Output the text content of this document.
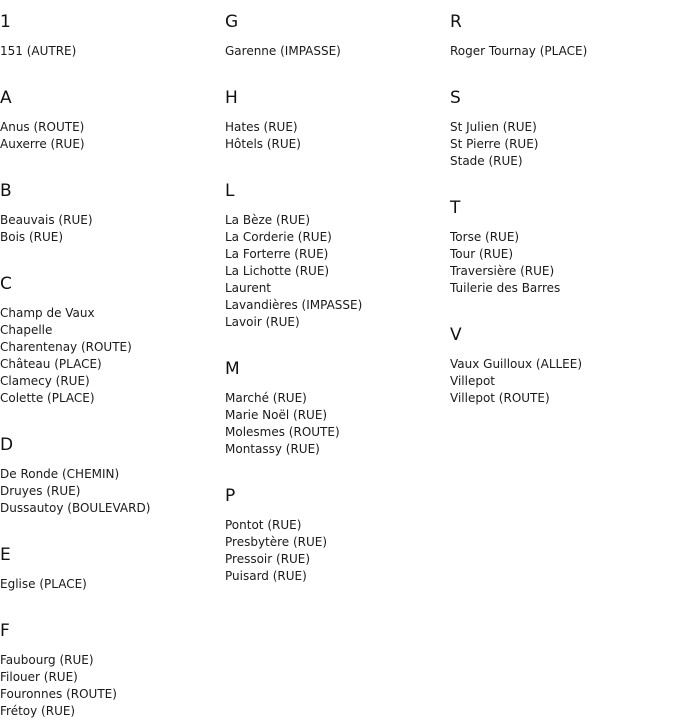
1
151 (AUTRE)
A
Anus (ROUTE)
Auxerre (RUE)
B
Beauvais (RUE)
Bois (RUE)
C
Champ de Vaux
Chapelle
Charentenay (ROUTE)
Château (PLACE)
Clamecy (RUE)
Colette (PLACE)
D
De Ronde (CHEMIN)
Druyes (RUE)
Dussautoy (BOULEVARD)
E
Eglise (PLACE)
F
Faubourg (RUE)
Filouer (RUE)
Fouronnes (ROUTE)
Frétoy (RUE)
G
Garenne (IMPASSE)
H
Hates (RUE)
Hôtels (RUE)
L
La Bèze (RUE)
La Corderie (RUE)
La Forterre (RUE)
La Lichotte (RUE)
Laurent
Lavandières (IMPASSE)
Lavoir (RUE)
M
Marché (RUE)
Marie Noël (RUE)
Molesmes (ROUTE)
Montassy (RUE)
P
Pontot (RUE)
Presbytère (RUE)
Pressoir (RUE)
Puisard (RUE)
R
Roger Tournay (PLACE)
S
St Julien (RUE)
St Pierre (RUE)
Stade (RUE)
T
Torse (RUE)
Tour (RUE)
Traversière (RUE)
Tuilerie des Barres
V
Vaux Guilloux (ALLEE)
Villepot
Villepot (ROUTE)
